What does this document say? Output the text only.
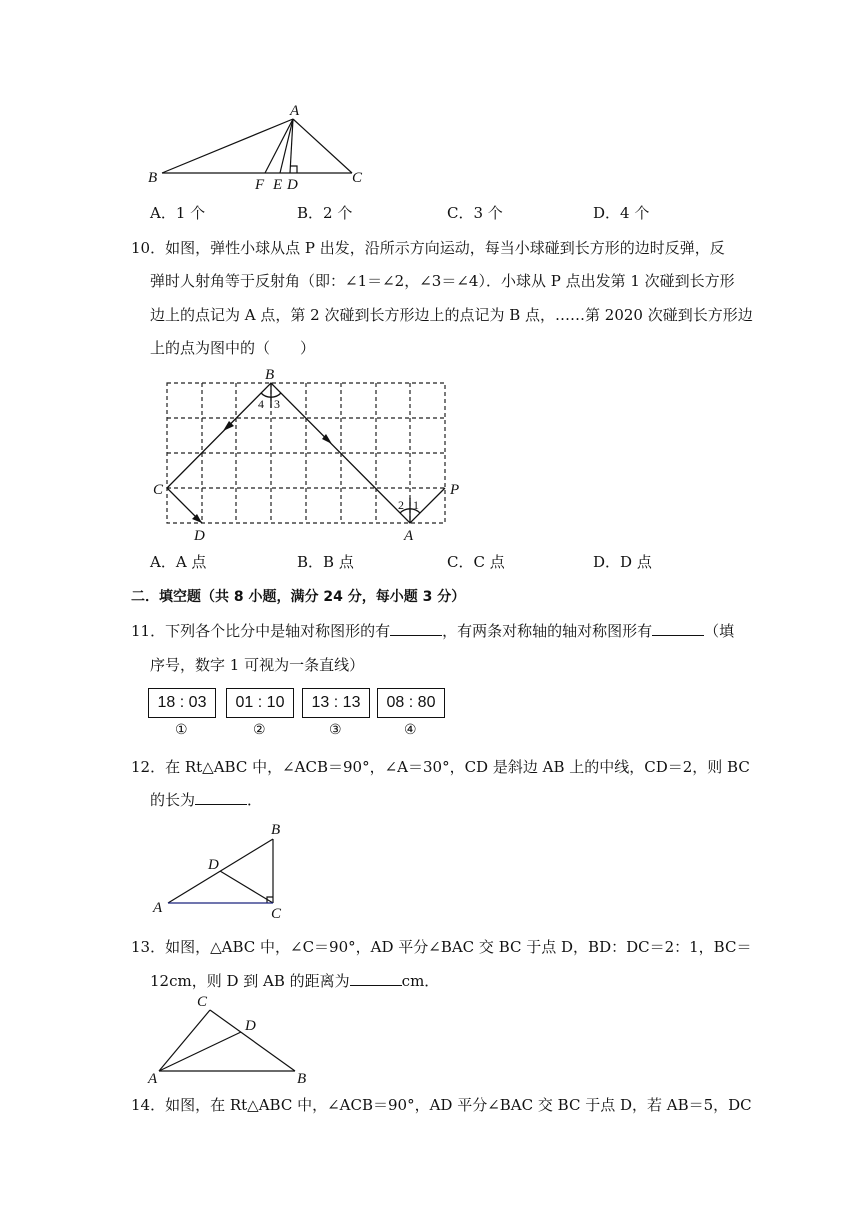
A
B	C
F E D
A．1 个	B．2 个	C．3 个	D．4 个
10．如图，弹性小球从点 P 出发，沿所示方向运动，每当小球碰到长方形的边时反弹，反
弹时人射角等于反射角（即：∠1＝∠2，∠3＝∠4）．小球从 P 点出发第 1 次碰到长方形
边上的点记为 A 点，第 2 次碰到长方形边上的点记为 B 点，……第 2020 次碰到长方形边
上的点为图中的（　　）
B
C
D	A
P
1
2
3
4
A．A 点	B．B 点	C．C 点	D．D 点
二．填空题（共 8 小题，满分 24 分，每小题 3 分）
11．下列各个比分中是轴对称图形的有	，有两条对称轴的轴对称图形有	（填
序号，数字 1 可视为一条直线）
18 : 03	01 : 10	13 : 13	08 : 80
①	②	③	④
12．在 Rt△ABC 中，∠ACB＝90°，∠A＝30°，CD 是斜边 AB 上的中线，CD＝2，则 BC
的长为	．
A
B
C
D
13．如图，△ABC 中，∠C＝90°，AD 平分∠BAC 交 BC 于点 D，BD：DC＝2：1，BC＝
12cm，则 D 到 AB 的距离为	cm．
C
D
A	B
14．如图，在 Rt△ABC 中，∠ACB＝90°，AD 平分∠BAC 交 BC 于点 D，若 AB＝5，DC
